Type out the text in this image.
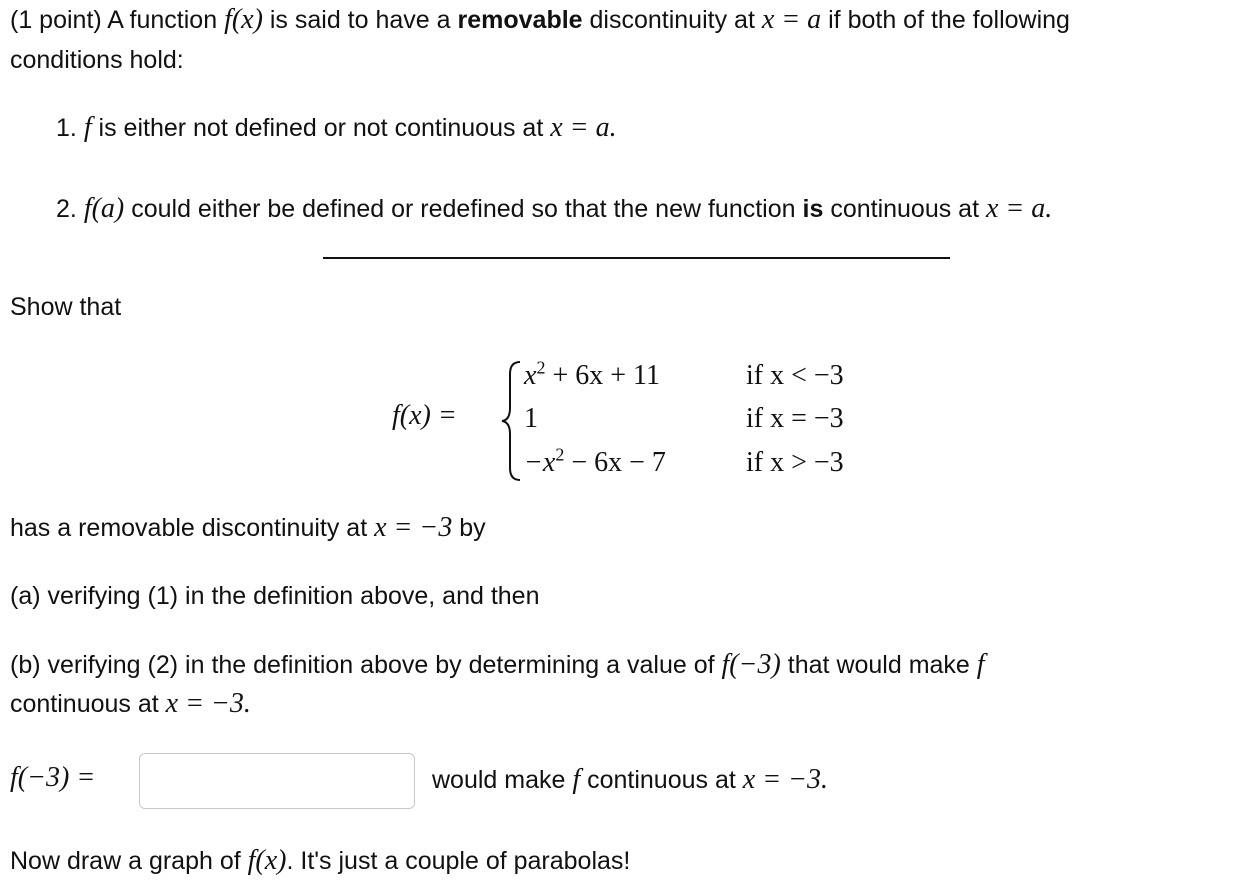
(1 point) A function f(x) is said to have a removable discontinuity at x = a if both of the following
conditions hold:
1. f is either not defined or not continuous at x = a.
2. f(a) could either be defined or redefined so that the new function is continuous at x = a.
Show that
f(x) =
$x^2 + 6x + 11$
1
$-x^2 - 6x - 7$
if x < −3
if x = −3
if x > −3
has a removable discontinuity at x = −3 by
(a) verifying (1) in the definition above, and then
(b) verifying (2) in the definition above by determining a value of f(−3) that would make f
continuous at x = −3.
f(−3) =	would make f continuous at x = −3.
Now draw a graph of f(x). It's just a couple of parabolas!
